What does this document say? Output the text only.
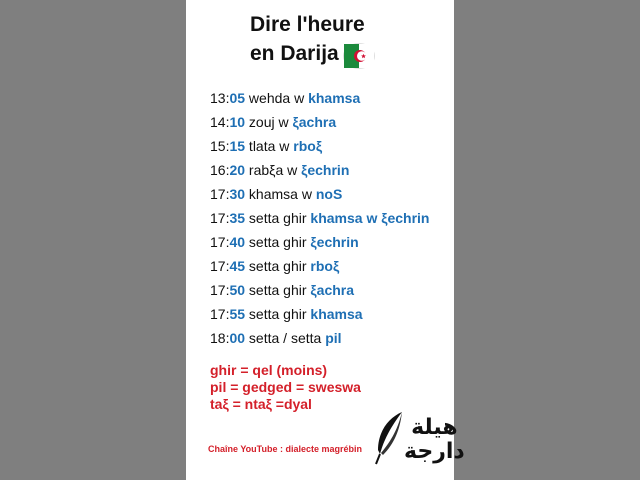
Dire l'heure
en Darija
13:05 wehda w khamsa
14:10 zouj w ξachra
15:15 tlata w rboξ
16:20 rabξa w ξechrin
17:30 khamsa w noS
17:35 setta ghir khamsa w ξechrin
17:40 setta ghir ξechrin
17:45 setta ghir rboξ
17:50 setta ghir ξachra
17:55 setta ghir khamsa
18:00 setta / setta pil
ghir = qel (moins)
pil = gedged = sweswa
taξ = ntaξ =dyal
Chaîne YouTube : dialecte magrébin
هيلة
دارجة
